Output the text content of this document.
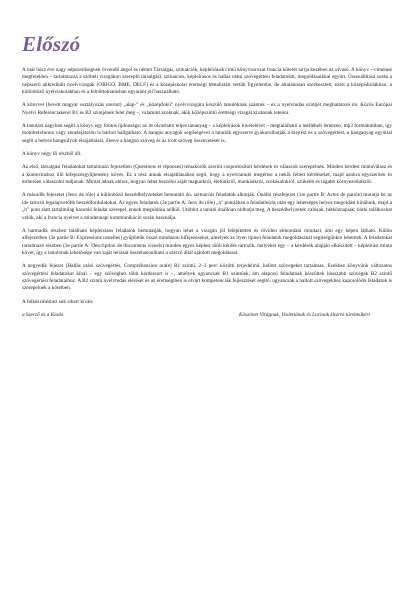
Előszó

A már húsz éve nagy népszerűségnek örvendő angol és német Társalgás, szituációk, képleírások című könyvsorozat francia kötetét tartja kezében az olvasó. A könyv – címének megfelelően – tartalmazza a szóbeli vizsgákon szereplő társalgási, szituációs, képleírásos és hallás utáni szövegértési feladatokat, megoldásaikkal együtt. Összeállítása során a népszerű akkreditált nyelvvizsgák (ORIGO, BME, DELF) és a középiskolai érettségi témalistáit vettük figyelembe, de általánosan szerkesztett, ezért a középiskolákban, a különböző nyelviskolákban és a felnőttoktatásban egyaránt jól használható.

A könyvet (bevett magyar osztályozás szerint) „alap-” és „középfokú” nyelvvizsgára készülő tanulóknak szántuk – ez a nyelvtudás szintjét meghatározó ún. Közös Európai Nyelvi Referenciakeret B1 és B2 szintjének felel meg –, valamint azoknak, akik középszintű érettségi vizsgát kívánnak letenni.

A tanulást nagyban segíti a könyv egy fontos újdonsága: az itt olvasható teljes tananyag – a képleírások kivételével – megtalálható a mellékelt lemezen, mp3 formátumban, így mobiltelefonon vagy zenelejátszón is bárhol hallgatható. A hangos anyagok segítségével a tanulók egyszerre gyakorolhatják a kiejtést és a szövegértést, a hanganyag egyúttal segíti a helyes hangsúlyok elsajátítását, illetve a hangzó szöveg és az írott szöveg összevetését is.

A könyv négy fő részből áll.

Az első, társalgási feladatokat tartalmazó fejezetben (Questions et réponses) témakörök szerint csoportosított kérdések és válaszok szerepelnek. Minden kérdést mintaválasz és a kontextushoz illő kifejezésgyűjtemény követ. Ez a rész annak elsajátításában segít, hogy a nyelvtanuló megértse a nekik feltett kérdéseket, majd azokra egyszerűen és érthetően válaszolni tudjanak. Mintát adnak ahhoz, hogyan lehet beszélni saját magunkról, életünkről, munkánkról, szokásainkról, szükebb és tágabb környezetünkről.

A második fejezetet (Jeux de rôle) a különböző beszédhelyzeteket bemutató ún. szituációs feladatok alkotják. Önálló részfejezet (1re partie B: Actes de parole) mutatja be az ide tartozó legalapvetőbb beszédfordulatokat. Az egyes feladatok (2e partie A: Jeux de rôle) „a” pontjában a feladatleírás után egy lehetséges helyes megoldást kínálunk, majd a „b” pont alatt tartalmilag hasonló feladat szerepel, ennek megoldása nélkül. Utóbbit a tanuló önállóan oldhatja meg. A beszédhelyzetek valósak, hétköznapiak; bárki találkozhat velük, aki a francia nyelvet a mindennapi kommunikáció során használja.

A harmadik részben található képleírásos feladatok bemutatják, hogyan lehet a vizsgán jól felépítetten és röviden elmondani mindazt, ami egy képen látható. Külön alfejezetben (3e partie B: Expressions usuelles) gyűjtöttük össze mindazon kifejezéseket, amelyek az ilyen típusú feladatok megoldásánál segítségünkre lehetnek. A feladatokat tartalmazó részben (3e partie A: Description de documents visuels) minden egyes képhez több kérdés tartozik, melyeket egy – a kérdések alapján elkészített – képleírási minta követ, így a tanulónak lehetősége van saját leírását összehasonlítani a szerző által ajánlott megoldással.

A negyedik fejezet (Hallás utáni szövegértés, Compréhension orale) B1 szintű, 2–3 perc közötti terjedelmű, hallott szövegeket tartalmaz. Ezekhez könyvünk változatos szövegértési feladatokat kínál – egy szöveghez több kérdéssort is –, amelyek ugyancsak B1 szintűek, ám alapozó feladatnak készültek hosszabb szövegek B2 szintű szövegértési feladataihoz. A B2 szintű nyelvtudás elérését és az érettségiben is elvárt kompetenciák fejlesztését segítő, ugyancsak a hallott szövegekhez kapcsolódó feladatok is szerepelnek a kötetben.

A felkészüléshez sok sikert kíván:

a Szerző és a Kiadó	Köszönet Virágnak, Violettának és Lucinak kitartó türelmükért
